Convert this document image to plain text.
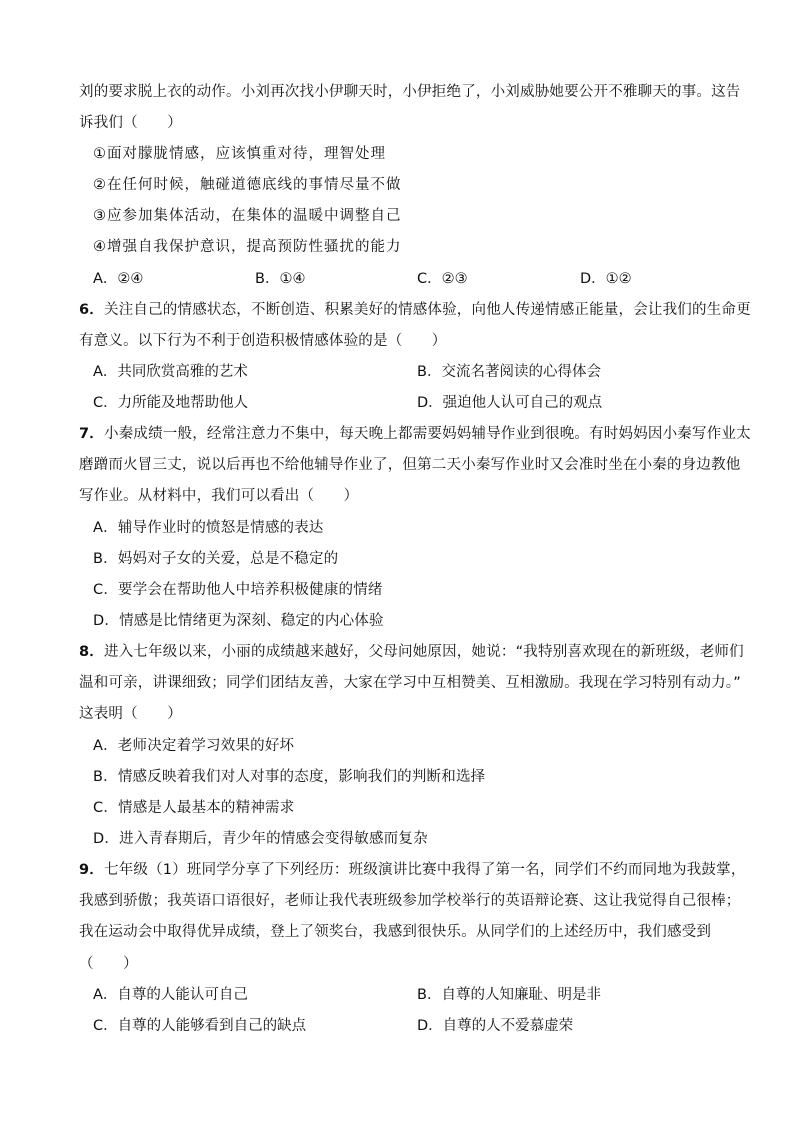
刘的要求脱上衣的动作。小刘再次找小伊聊天时，小伊拒绝了，小刘威胁她要公开不雅聊天的事。这告
诉我们（　　）
①面对朦胧情感，应该慎重对待，理智处理
②在任何时候，触碰道德底线的事情尽量不做
③应参加集体活动，在集体的温暖中调整自己
④增强自我保护意识，提高预防性骚扰的能力
A．②④	B．①④	C．②③	D．①②
6．关注自己的情感状态，不断创造、积累美好的情感体验，向他人传递情感正能量，会让我们的生命更
有意义。以下行为不利于创造积极情感体验的是（　　）
A．共同欣赏高雅的艺术	B．交流名著阅读的心得体会
C．力所能及地帮助他人	D．强迫他人认可自己的观点
7．小秦成绩一般，经常注意力不集中，每天晚上都需要妈妈辅导作业到很晚。有时妈妈因小秦写作业太
磨蹭而火冒三丈，说以后再也不给他辅导作业了，但第二天小秦写作业时又会准时坐在小秦的身边教他
写作业。从材料中，我们可以看出（　　）
A．辅导作业时的愤怒是情感的表达
B．妈妈对子女的关爱，总是不稳定的
C．要学会在帮助他人中培养积极健康的情绪
D．情感是比情绪更为深刻、稳定的内心体验
8．进入七年级以来，小丽的成绩越来越好，父母问她原因，她说：“我特别喜欢现在的新班级，老师们
温和可亲，讲课细致；同学们团结友善，大家在学习中互相赞美、互相激励。我现在学习特别有动力。”
这表明（　　）
A．老师决定着学习效果的好坏
B．情感反映着我们对人对事的态度，影响我们的判断和选择
C．情感是人最基本的精神需求
D．进入青春期后，青少年的情感会变得敏感而复杂
9．七年级（1）班同学分享了下列经历：班级演讲比赛中我得了第一名，同学们不约而同地为我鼓掌，
我感到骄傲；我英语口语很好，老师让我代表班级参加学校举行的英语辩论赛、这让我觉得自己很棒；
我在运动会中取得优异成绩，登上了领奖台，我感到很快乐。从同学们的上述经历中，我们感受到
（　　）
A．自尊的人能认可自己	B．自尊的人知廉耻、明是非
C．自尊的人能够看到自己的缺点	D．自尊的人不爱慕虚荣
